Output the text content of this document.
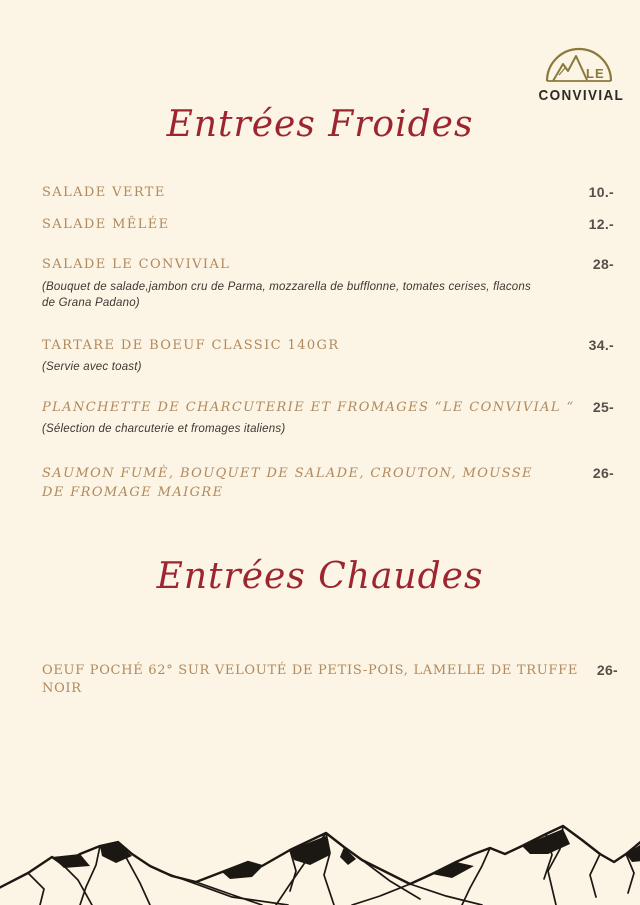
LE
CONVIVIAL
Entrées Froides
SALADE VERTE	10.-
SALADE MÊLÉE	12.-
SALADE LE CONVIVIAL
(Bouquet de salade,jambon cru de Parma, mozzarella de bufflonne, tomates cerises, flacons de Grana Padano)
28-
TARTARE DE BOEUF CLASSIC 140GR
(Servie avec toast)
34.-
PLANCHETTE DE CHARCUTERIE ET FROMAGES “LE CONVIVIAL “
(Sélection de charcuterie et fromages italiens)
25-
SAUMON FUMÈ, BOUQUET DE SALADE, CROUTON, MOUSSE DE FROMAGE MAIGRE
26-
Entrées Chaudes
OEUF POCHÉ 62° SUR VELOUTÉ DE PETIS-POIS, LAMELLE DE TRUFFE NOIR
26-
